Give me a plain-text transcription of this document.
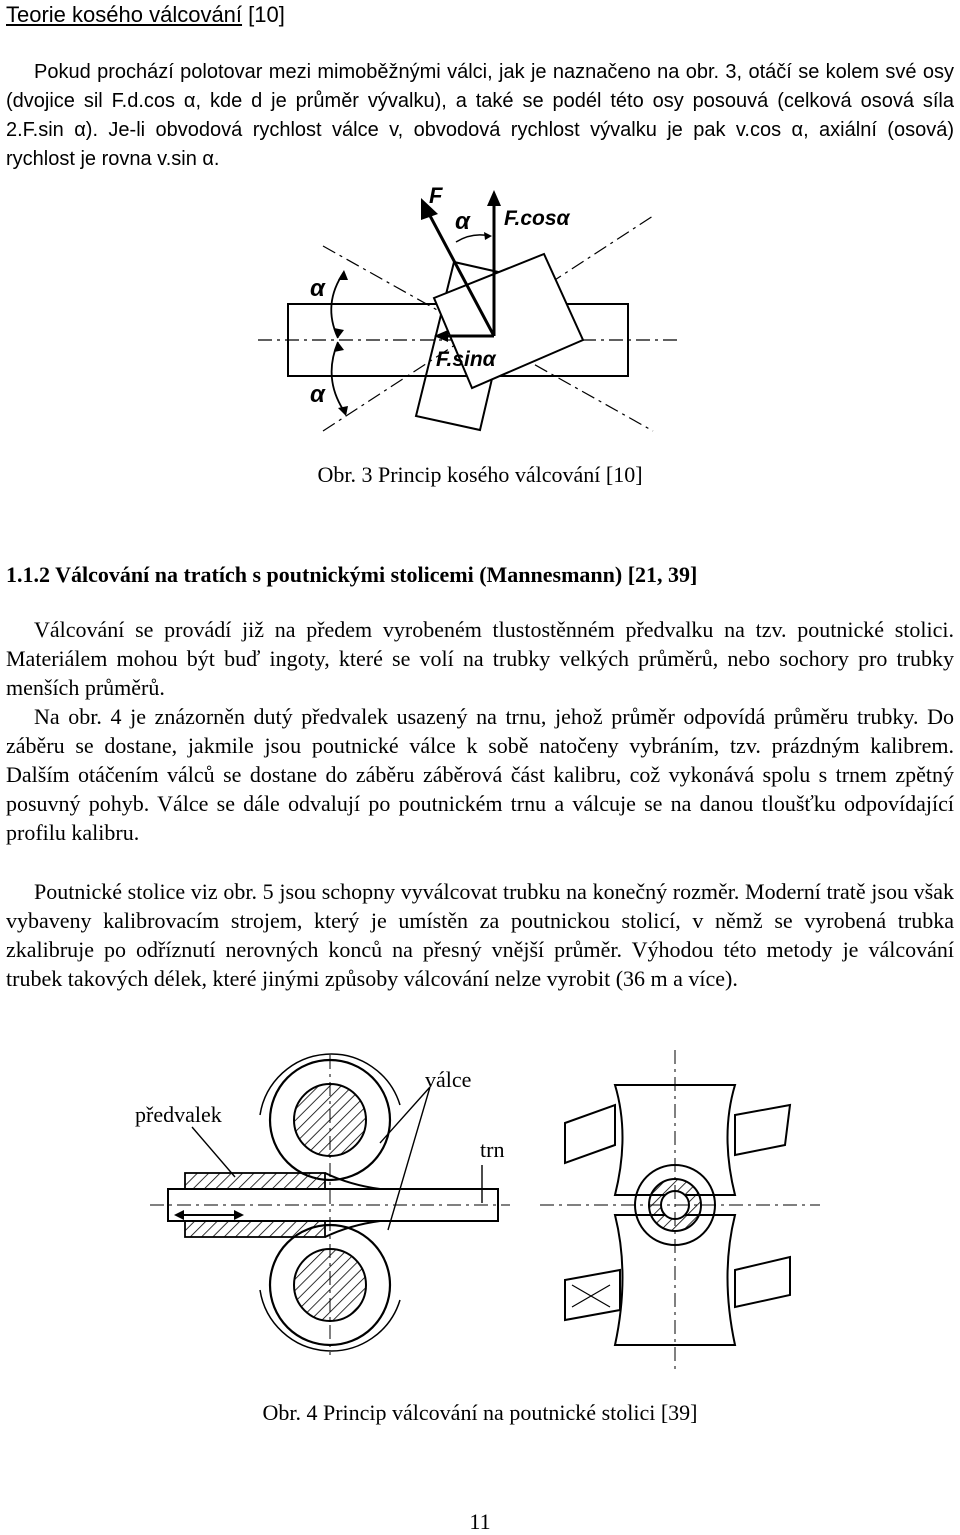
Teorie kosého válcování [10]

Pokud prochází polotovar mezi mimoběžnými válci, jak je naznačeno na obr. 3, otáčí se kolem své osy (dvojice sil F.d.cos α, kde d je průměr vývalku), a také se podél této osy posouvá (celková osová síla 2.F.sin α). Je-li obvodová rychlost válce v, obvodová rychlost vývalku je pak v.cos α, axiální (osová) rychlost je rovna v.sin α.

F
α F.cosα
F.sinα
α
α
Obr. 3 Princip kosého válcování [10]
1.1.2 Válcování na tratích s poutnickými stolicemi (Mannesmann) [21, 39]

Válcování se provádí již na předem vyrobeném tlustostěnném předvalku na tzv. poutnické stolici. Materiálem mohou být buď ingoty, které se volí na trubky velkých průměrů, nebo sochory pro trubky menších průměrů.

Na obr. 4 je znázorněn dutý předvalek usazený na trnu, jehož průměr odpovídá průměru trubky. Do záběru se dostane, jakmile jsou poutnické válce k sobě natočeny vybráním, tzv. prázdným kalibrem. Dalším otáčením válců se dostane do záběru záběrová část kalibru, což vykonává spolu s trnem zpětný posuvný pohyb. Válce se dále odvalují po poutnickém trnu a válcuje se na danou tloušťku odpovídající profilu kalibru.

Poutnické stolice viz obr. 5 jsou schopny vyválcovat trubku na konečný rozměr. Moderní tratě jsou však vybaveny kalibrovacím strojem, který je umístěn za poutnickou stolicí, v němž se vyrobená trubka zkalibruje po odříznutí nerovných konců na přesný vnější průměr. Výhodou této metody je válcování trubek takových délek, které jinými způsoby válcování nelze vyrobit (36 m a více).

předvalek
válce
trn
Obr. 4 Princip válcování na poutnické stolici [39]
11
